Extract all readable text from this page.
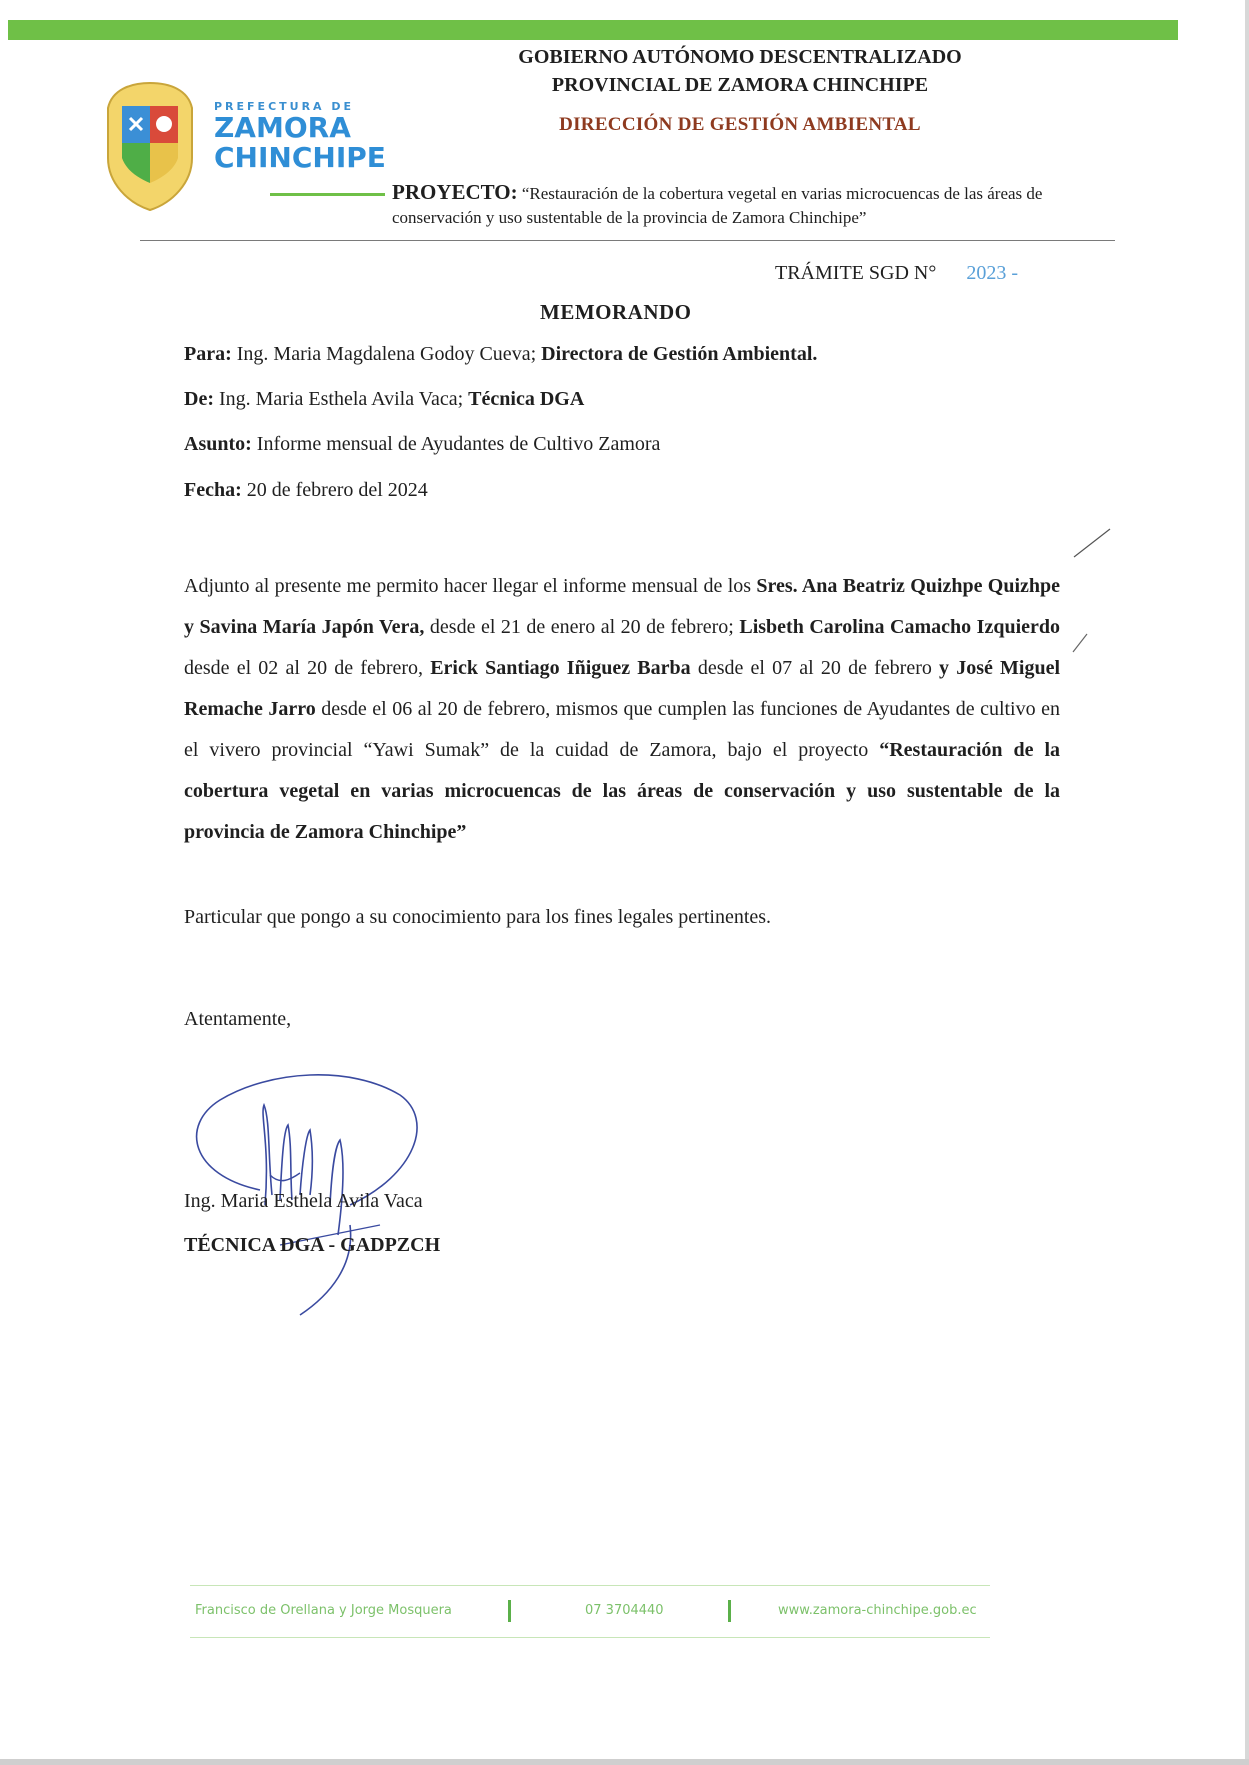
PREFECTURA DE
ZAMORA
CHINCHIPE
GOBIERNO AUTÓNOMO DESCENTRALIZADO
PROVINCIAL DE ZAMORA CHINCHIPE
DIRECCIÓN DE GESTIÓN AMBIENTAL
PROYECTO: “Restauración de la cobertura vegetal en varias microcuencas de las áreas de conservación y uso sustentable de la provincia de Zamora Chinchipe”
TRÁMITE SGD N° 2023 -
MEMORANDO
Para: Ing. Maria Magdalena Godoy Cueva; Directora de Gestión Ambiental.
De: Ing. Maria Esthela Avila Vaca; Técnica DGA
Asunto: Informe mensual de Ayudantes de Cultivo Zamora
Fecha: 20 de febrero del 2024
Adjunto al presente me permito hacer llegar el informe mensual de los Sres. Ana Beatriz Quizhpe Quizhpe y Savina María Japón Vera, desde el 21 de enero al 20 de febrero; Lisbeth Carolina Camacho Izquierdo desde el 02 al 20 de febrero, Erick Santiago Iñiguez Barba desde el 07 al 20 de febrero y José Miguel Remache Jarro desde el 06 al 20 de febrero, mismos que cumplen las funciones de Ayudantes de cultivo en el vivero provincial “Yawi Sumak” de la cuidad de Zamora, bajo el proyecto “Restauración de la cobertura vegetal en varias microcuencas de las áreas de conservación y uso sustentable de la provincia de Zamora Chinchipe”
Particular que pongo a su conocimiento para los fines legales pertinentes.
Atentamente,
Ing. Maria Esthela Avila Vaca
TÉCNICA DGA - GADPZCH
Francisco de Orellana y Jorge Mosquera	07 3704440	www.zamora-chinchipe.gob.ec
